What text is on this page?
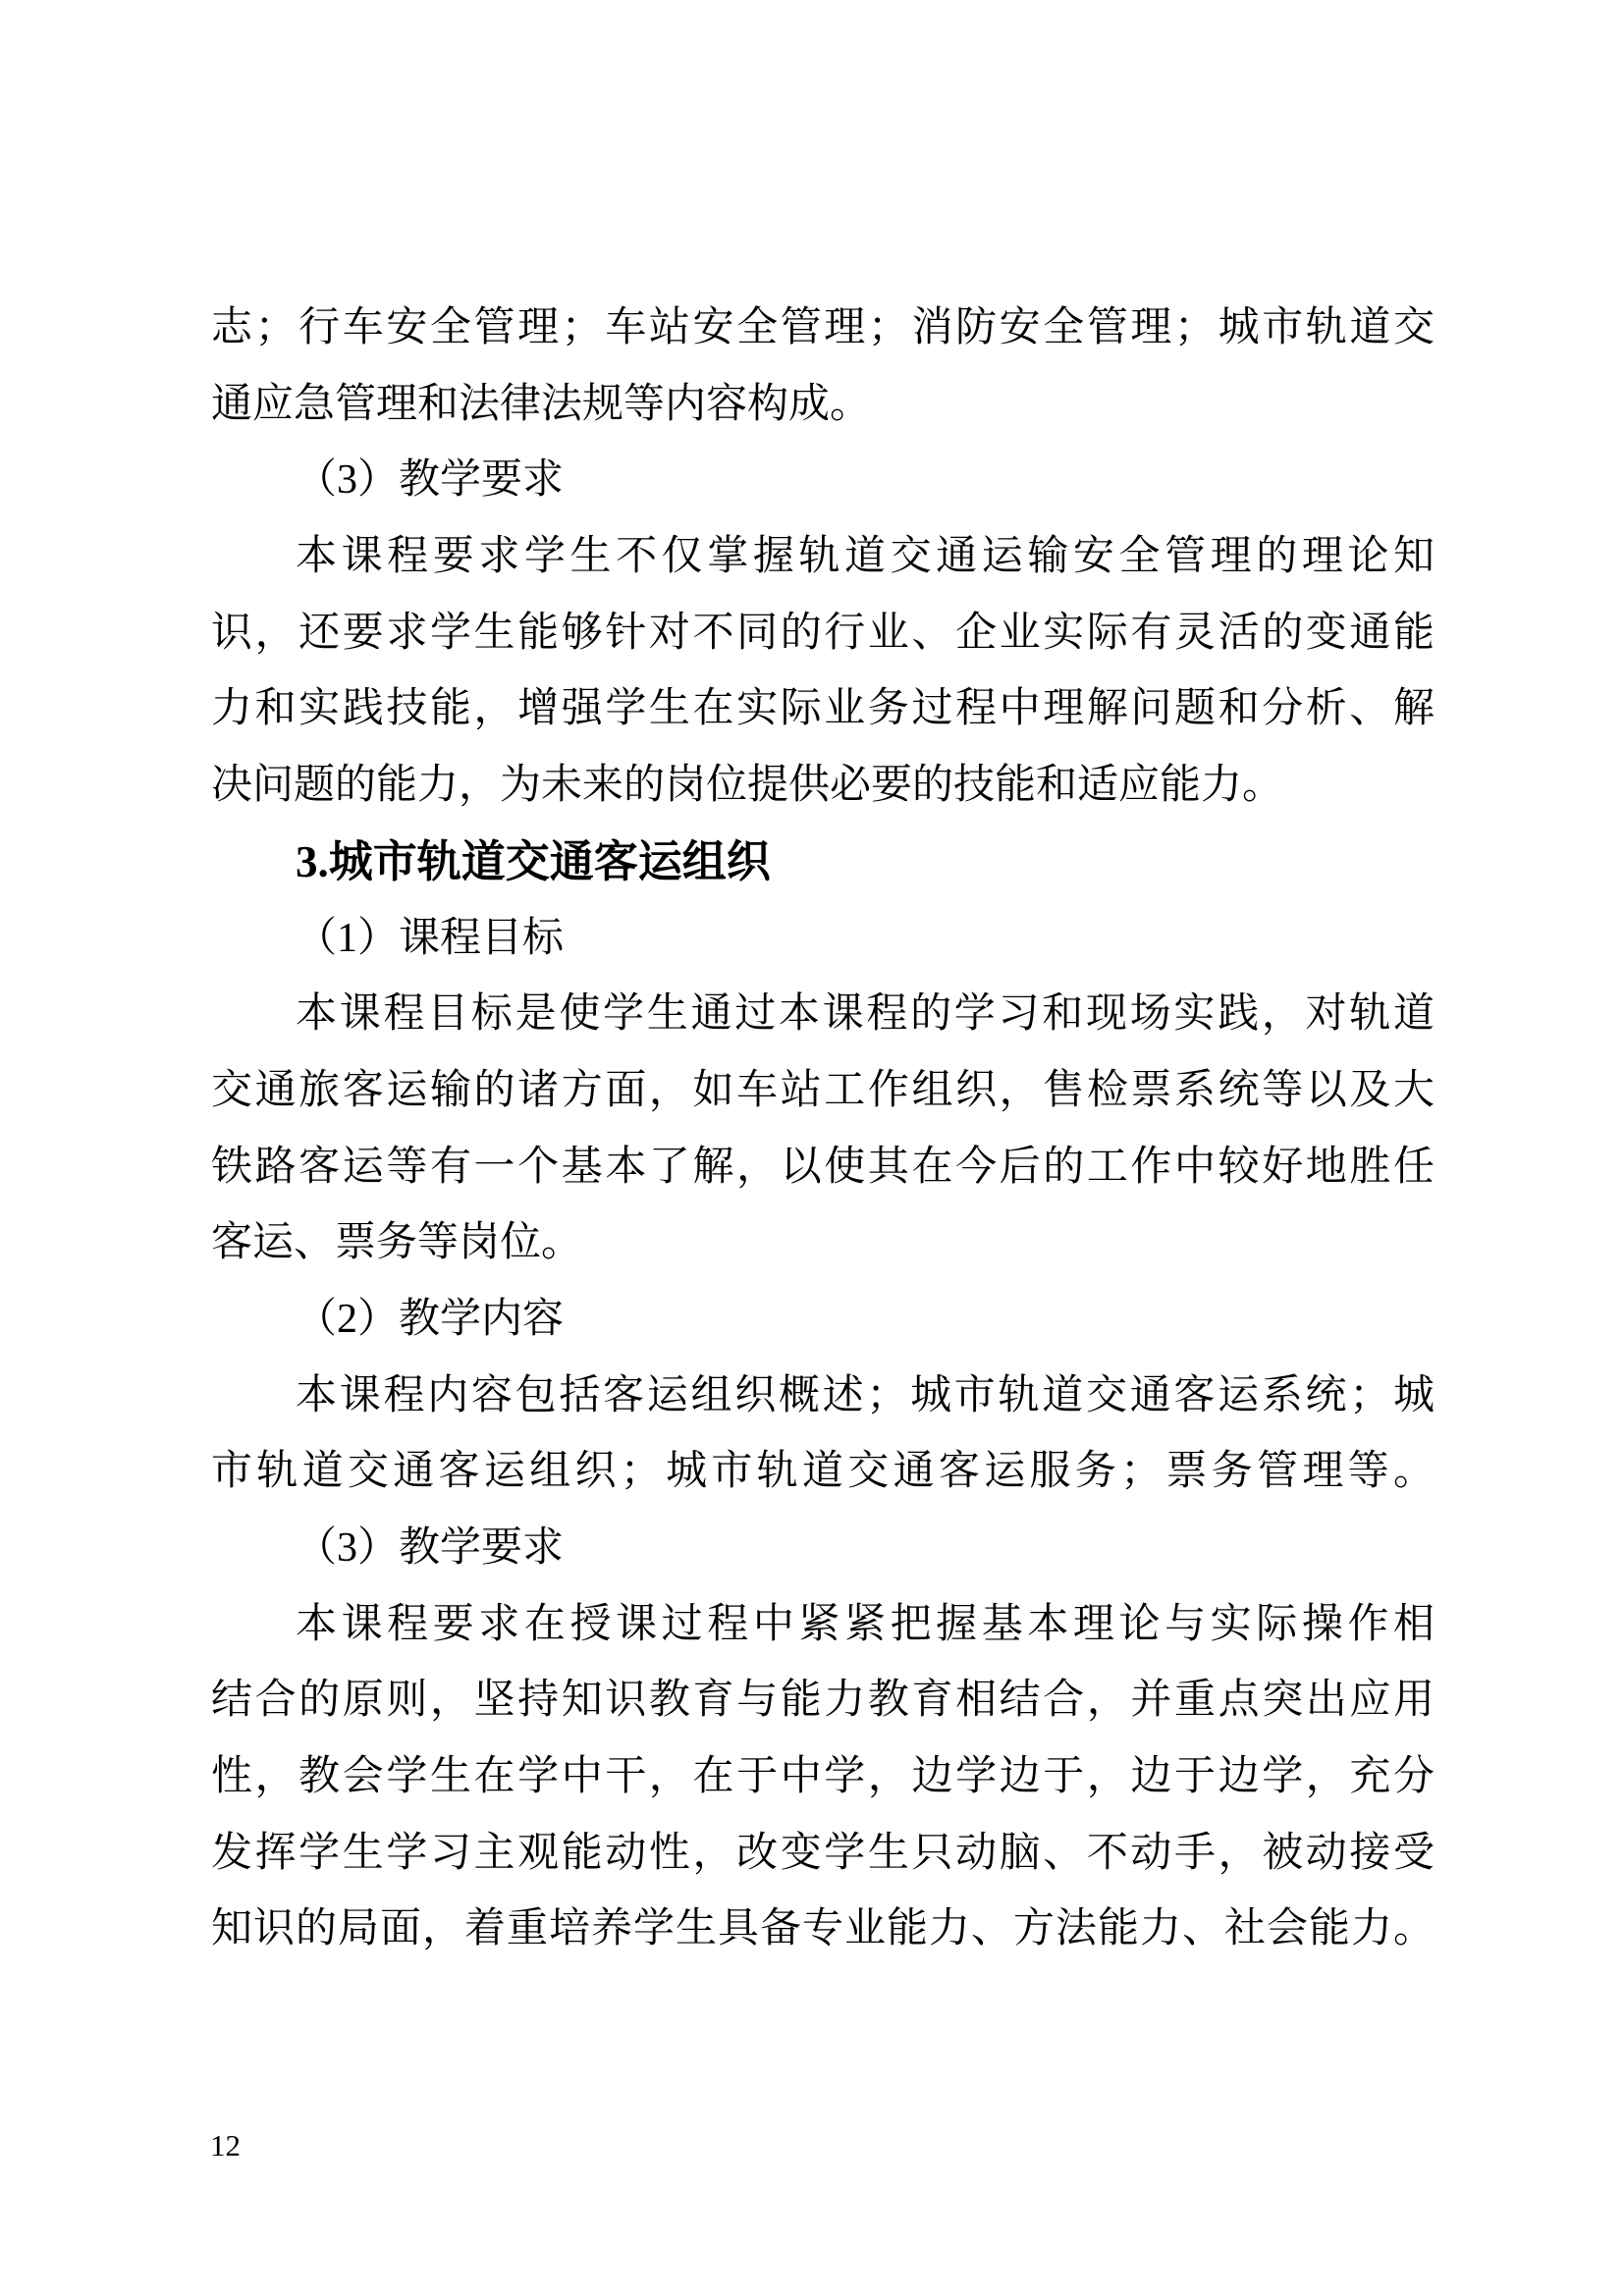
志；行车安全管理；车站安全管理；消防安全管理；城市轨道交
通应急管理和法律法规等内容构成。
（3）教学要求
本课程要求学生不仅掌握轨道交通运输安全管理的理论知
识，还要求学生能够针对不同的行业、企业实际有灵活的变通能
力和实践技能，增强学生在实际业务过程中理解问题和分析、解
决问题的能力，为未来的岗位提供必要的技能和适应能力。
3.城市轨道交通客运组织
（1）课程目标
本课程目标是使学生通过本课程的学习和现场实践，对轨道
交通旅客运输的诸方面，如车站工作组织，售检票系统等以及大
铁路客运等有一个基本了解，以使其在今后的工作中较好地胜任
客运、票务等岗位。
（2）教学内容
本课程内容包括客运组织概述；城市轨道交通客运系统；城
市轨道交通客运组织；城市轨道交通客运服务；票务管理等。
（3）教学要求
本课程要求在授课过程中紧紧把握基本理论与实际操作相
结合的原则，坚持知识教育与能力教育相结合，并重点突出应用
性，教会学生在学中干，在于中学，边学边于，边于边学，充分
发挥学生学习主观能动性，改变学生只动脑、不动手，被动接受
知识的局面，着重培养学生具备专业能力、方法能力、社会能力。
12
